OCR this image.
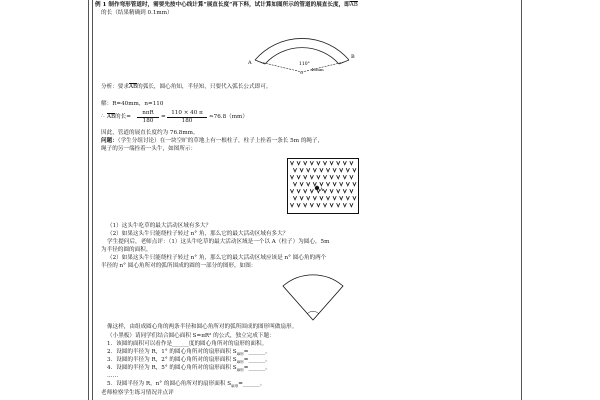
例 1 制作弯形管道时，需要先按中心线计算“展直长度”再下料，试计算如图所示的管道的展直长度，即$\overline{AB}$
的长（结果精确到 0.1mm）
A
B
110°
40mm
O
分析：要求$\overline{AB}$的弧长，圆心角知，半径知，只要代入弧长公式即可。
解：R=40mm，n=110
∴ $\overline{AB}$ 的长=
nπR
180
= $\frac{110 \times 40 \pi}{180} \approx 76.8(mm)$
因此，管道的展直长度约为 76.8mm。
问题：（学生分组讨论）在一块空旷的草地上有一根柱子，柱子上拴着一条长 5m 的绳子，
绳子的另一端拴着一头牛，如图所示：
A
（1）这头牛吃草的最大活动区域有多大？
（2）如果这头牛只能绕柱子转过 n° 角，那么它的最大活动区域有多大？
学生提问后，老师点评：（1）这头牛吃草的最大活动区域是一个以 A（柱子）为圆心，5m
为半径的圆的面积。
（2）如果这头牛只能绕柱子转过 n° 角，那么它的最大活动区域应该是 n° 圆心角的两个
半径的 n° 圆心角所对的弧所围成的圆的一部分的图形，如图：
像这样，由组成圆心角的两条半径和圆心角所对的弧所围成的图形叫做扇形。
（小黑板）请同学们结合圆心面积 S=πR² 的公式，独立完成下题：
1．该圆的面积可以看作是______度的圆心角所对的扇形的面积。
2．设圆的半径为 R，1° 的圆心角所对的扇形面积 $S_{扇形}=\_\_\_\_\_\_$。
3．设圆的半径为 R，2° 的圆心角所对的扇形面积 $S_{扇形}=\_\_\_\_\_\_$。
4．设圆的半径为 R，5° 的圆心角所对的扇形面积 $S_{扇形}=\_\_\_\_\_\_$。
……
5．设圆半径为 R，n° 的圆心角所对的扇形面积 $S_{扇形}=\_\_\_\_\_\_$。
老师检察学生练习情况并点评
